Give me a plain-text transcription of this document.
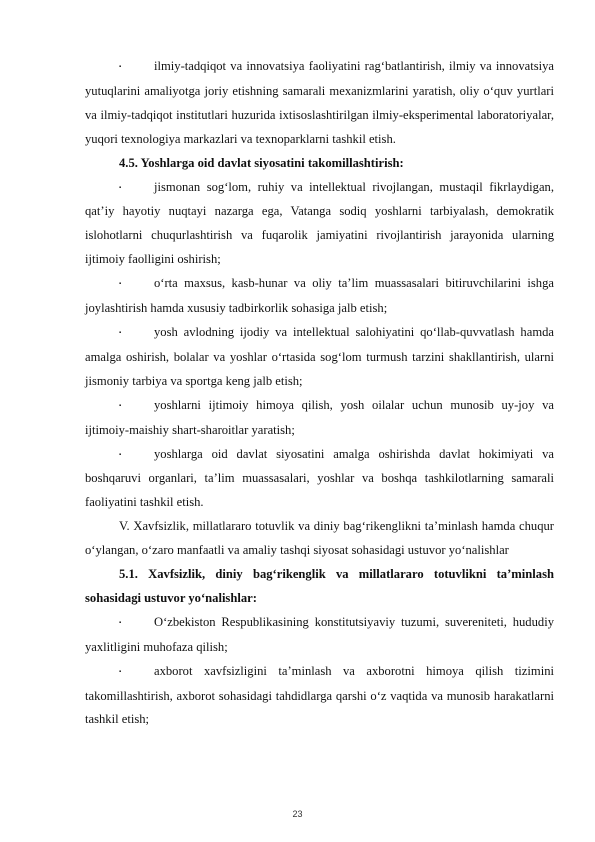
▪	ilmiy-tadqiqot va innovatsiya faoliyatini rag‘batlantirish, ilmiy va innovatsiya yutuqlarini amaliyotga joriy etishning samarali mexanizmlarini yaratish, oliy o‘quv yurtlari va ilmiy-tadqiqot institutlari huzurida ixtisoslashtirilgan ilmiy-eksperimental laboratoriyalar, yuqori texnologiya markazlari va texnoparklarni tashkil etish.

4.5. Yoshlarga oid davlat siyosatini takomillashtirish:

▪	jismonan sog‘lom, ruhiy va intellektual rivojlangan, mustaqil fikrlaydigan, qat’iy hayotiy nuqtayi nazarga ega, Vatanga sodiq yoshlarni tarbiyalash, demokratik islohotlarni chuqurlashtirish va fuqarolik jamiyatini rivojlantirish jarayonida ularning ijtimoiy faolligini oshirish;

▪	o‘rta maxsus, kasb-hunar va oliy ta’lim muassasalari bitiruvchilarini ishga joylashtirish hamda xususiy tadbirkorlik sohasiga jalb etish;

▪	yosh avlodning ijodiy va intellektual salohiyatini qo‘llab-quvvatlash hamda amalga oshirish, bolalar va yoshlar o‘rtasida sog‘lom turmush tarzini shakllantirish, ularni jismoniy tarbiya va sportga keng jalb etish;

▪	yoshlarni ijtimoiy himoya qilish, yosh oilalar uchun munosib uy-joy va ijtimoiy-maishiy shart-sharoitlar yaratish;

▪	yoshlarga oid davlat siyosatini amalga oshirishda davlat hokimiyati va boshqaruvi organlari, ta’lim muassasalari, yoshlar va boshqa tashkilotlarning samarali faoliyatini tashkil etish.

V. Xavfsizlik, millatlararo totuvlik va diniy bag‘rikenglikni ta’minlash hamda chuqur o‘ylangan, o‘zaro manfaatli va amaliy tashqi siyosat sohasidagi ustuvor yo‘nalishlar

5.1. Xavfsizlik, diniy bag‘rikenglik va millatlararo totuvlikni ta’minlash sohasidagi ustuvor yo‘nalishlar:

▪	O‘zbekiston Respublikasining konstitutsiyaviy tuzumi, suvereniteti, hududiy yaxlitligini muhofaza qilish;

▪	axborot xavfsizligini ta’minlash va axborotni himoya qilish tizimini takomillashtirish, axborot sohasidagi tahdidlarga qarshi o‘z vaqtida va munosib harakatlarni tashkil etish;

23
